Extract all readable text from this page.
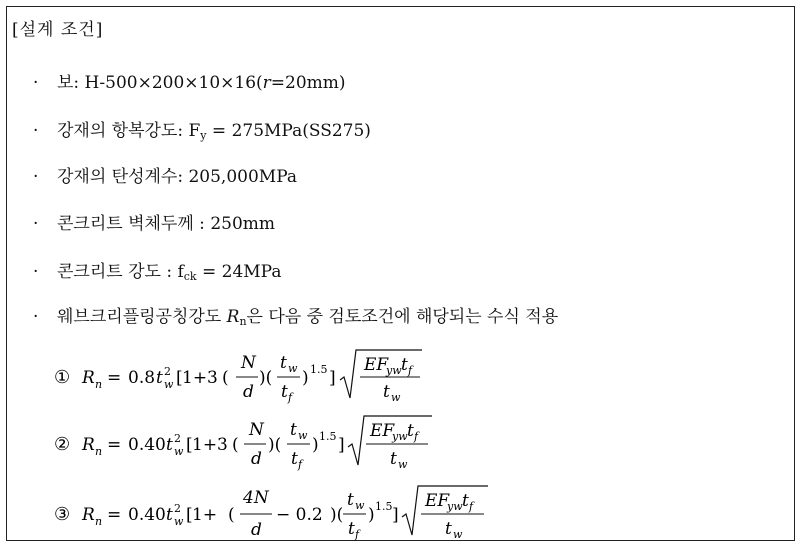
[설계 조건]
· 보: H-500×200×10×16(r=20mm)
· 강재의 항복강도: $F_y = 275MPa(SS275)$
· 강재의 탄성계수: 205,000MPa
· 콘크리트 벽체두께 : 250mm
· 콘크리트 강도 : $f_{ck} = 24MPa$
· 웨브크리플링공칭강도 $R_n$은 다음 중 검토조건에 해당되는 수식 적용
① R n = 0.8 t 2
w [ 1+3 (
N
d
)(
t w
t f
) 1.5 ]
EF
yw t f
t w
② R n = 0.40 t 2
w [ 1+3 (
N
d
)(
t w
t f
) 1.5 ]
EF
yw t f
t w
③ R n = 0.40 t 2
w [ 1+ (
4N
d
− 0.2 )(
t w
t f
) 1.5 ]
EF
yw t f
t w
